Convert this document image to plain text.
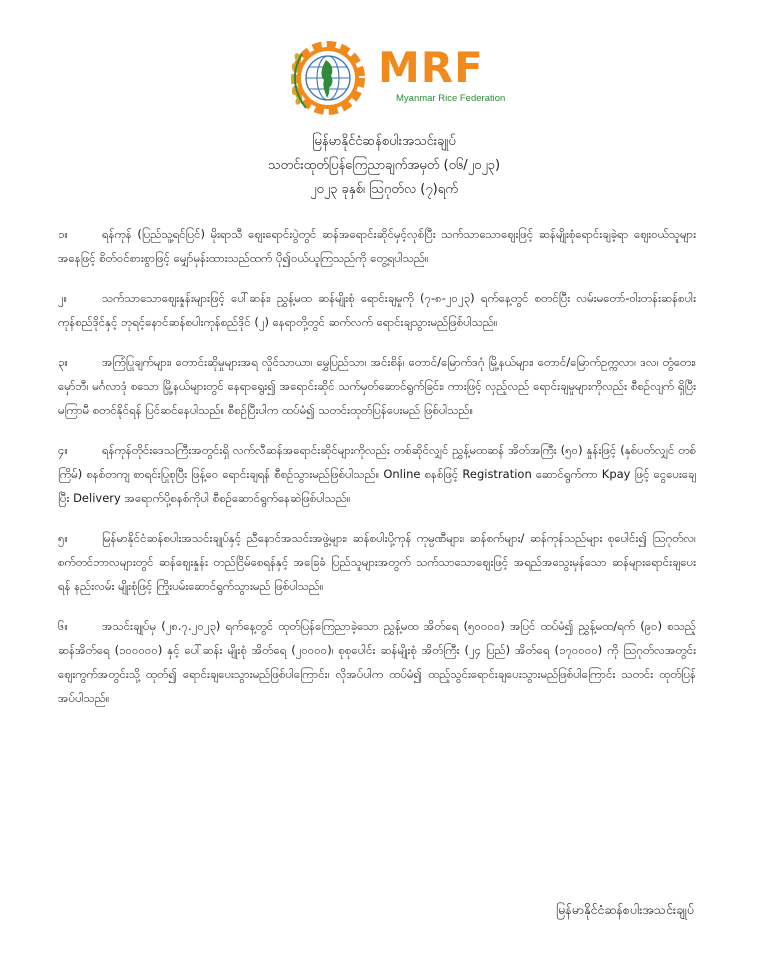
MRF
Myanmar Rice Federation
မြန်မာနိုင်ငံဆန်စပါးအသင်းချုပ်
သတင်းထုတ်ပြန်ကြေညာချက်အမှတ် (၀၆/၂၀၂၃)
၂၀၂၃ ခုနှစ်၊ ဩဂုတ်လ (၇)ရက်

၁။	ရန်ကုန် (ပြည်သူ့ရင်ပြင်) မိုးရာသီ ဈေးရောင်းပွဲတွင် ဆန်အရောင်းဆိုင်မှင့်လုစ်ပြီး သက်သာသောဈေးဖြင့် ဆန်မျိုးစုံရောင်းချခဲ့ရာ ဈေးဝယ်သူများအနေဖြင့် စိတ်ဝင်စားစွာဖြင့် မျှော်မှန်းထားသည်ထက် ပို၍ဝယ်ယူကြသည်ကို တွေ့ရပါသည်။

၂။	သက်သာသောဈေးနှုန်းများဖြင့် ပေါ်ဆန်း၊ ညွှန့်မထ ဆန်မျိုးစုံ ရောင်းချမှုကို (၇-၈-၂၀၂၃) ရက်နေ့တွင် စတင်ပြီး လမ်းမတော်-ဝါးတန်းဆန်စပါးကုန်စည်ဒိုင်နှင့် ဘုရင့်နောင်ဆန်စပါးကုန်စည်ဒိုင် (၂) နေရာတို့တွင် ဆက်လက် ရောင်းချသွားမည်ဖြစ်ပါသည်။

၃။	အကြံပြုချက်များ၊ တောင်းဆိုမှုများအရ လှိုင်သာယာ၊ မွှေပြည်သာ၊ အင်းစိန်၊ တောင်/မြောက်ဒဂုံ မြို့နယ်များ၊ တောင်/မြောက်ဥက္ကလာ၊ ဒလ၊ တွံတေး၊ မှော်ဘီ၊ မင်္ဂလာဒုံ စသော မြို့နယ်များတွင် နေရာရွေး၍ အရောင်းဆိုင် သက်မှတ်ဆောင်ရွက်ခြင်း၊ ကားဖြင့် လှည့်လည် ရောင်းချမှုများကိုလည်း စီစဉ်လျက် ရှိပြီး မကြာမီ စတင်နိုင်ရန် ပြင်ဆင်နေပါသည်။ စီစဉ်ပြီးပါက ထပ်မံ၍ သတင်းထုတ်ပြန်ပေးမည် ဖြစ်ပါသည်။

၄။	ရန်ကုန်တိုင်းဒေသကြီးအတွင်းရှိ လက်လီဆန်အရောင်းဆိုင်များကိုလည်း တစ်ဆိုင်လျှင် ညွှန့်မထဆန် အိတ်အကြီး (၅၀) နှုန်းဖြင့် (နှစ်ပတ်လျှင် တစ်ကြိမ်) စနစ်တကျ စာရင်းပြုစုပြီး ဖြန့်ဝေ ရောင်းချရန် စီစဉ်သွားမည်ဖြစ်ပါသည်။ Online စနစ်ဖြင့် Registration ဆောင်ရွက်ကာ Kpay ဖြင့် ငွေပေးချေပြီး Delivery အရောက်ပို့စနစ်ကိုပါ စီစဉ်ဆောင်ရွက်နေဆဲဖြစ်ပါသည်။

၅။	မြန်မာနိုင်ငံဆန်စပါးအသင်းချုပ်နှင့် ညီနောင်အသင်းအဖွဲ့များ၊ ဆန်စပါးပို့ကုန် ကုမ္ပဏီများ၊ ဆန်စက်များ/ ဆန်ကုန်သည်များ စုပေါင်း၍ ဩဂုတ်လ၊ စက်တင်ဘာလများတွင် ဆန်ဈေးနှုန်း တည်ငြိမ်စေရန်နှင့် အခြေခံ ပြည်သူများအတွက် သက်သာသောဈေးဖြင့် အရည်အသွေးမှန်သော ဆန်များရောင်းချပေးရန် နည်းလမ်း မျိုးစုံဖြင့် ကြိုးပမ်းဆောင်ရွက်သွားမည် ဖြစ်ပါသည်။

၆။	အသင်းချုပ်မှ (၂၈.၇.၂၀၂၃) ရက်နေ့တွင် ထုတ်ပြန်ကြေညာခဲ့သော ညွှန့်မထ အိတ်ရေ (၅၀၀၀၀) အပြင် ထပ်မံ၍ ညွှန့်မထ/ရက် (၉၀) စသည့် ဆန်အိတ်ရေ (၁၀၀၀၀၀) နှင့် ပေါ်ဆန်း မျိုးစုံ အိတ်ရေ (၂၀၀၀၀)၊ စုစုပေါင်း ဆန်မျိုးစုံ အိတ်ကြီး (၂၄ ပြည်) အိတ်ရေ (၁၇၀၀၀၀) ကို ဩဂုတ်လအတွင်း ဈေးကွက်အတွင်းသို့ ထုတ်၍ ရောင်းချပေးသွားမည်ဖြစ်ပါကြောင်း၊ လိုအပ်ပါက ထပ်မံ၍ ထည့်သွင်းရောင်းချပေးသွားမည်ဖြစ်ပါကြောင်း သတင်း ထုတ်ပြန်အပ်ပါသည်။

မြန်မာနိုင်ငံဆန်စပါးအသင်းချုပ်
